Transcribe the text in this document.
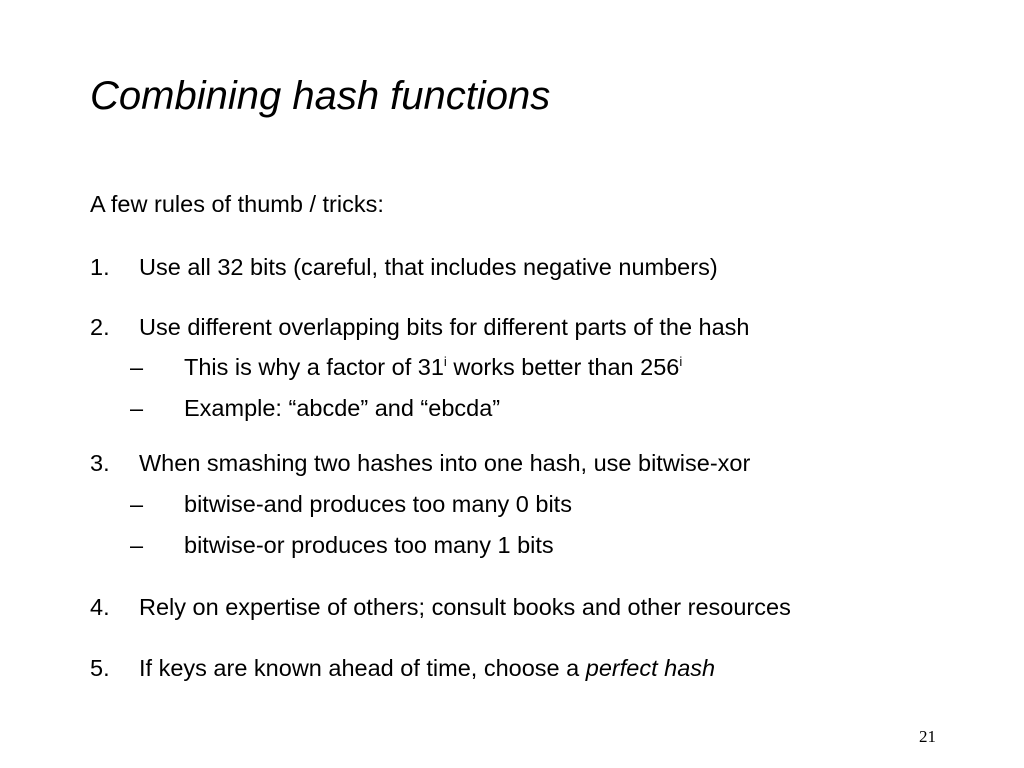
Combining hash functions
A few rules of thumb / tricks:
1. Use all 32 bits (careful, that includes negative numbers)
2. Use different overlapping bits for different parts of the hash
– This is why a factor of 31$^i$ works better than 256$^i$
– Example: “abcde” and “ebcda”
3. When smashing two hashes into one hash, use bitwise-xor
– bitwise-and produces too many 0 bits
– bitwise-or produces too many 1 bits
4. Rely on expertise of others; consult books and other resources
5. If keys are known ahead of time, choose a perfect hash
21
